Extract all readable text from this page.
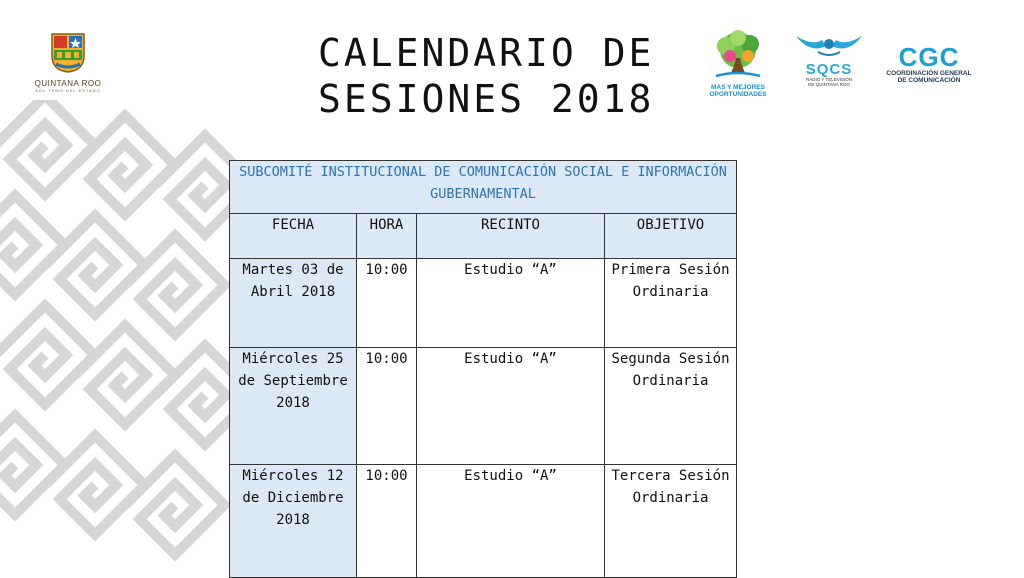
QUINTANA ROO
SOL TEMO DEL ESTADO
CALENDARIO DE
SESIONES 2018	MAS Y MEJORES
OPORTUNIDADES
SQCS
RADIO Y TELEVISIÓN
DE QUINTANA ROO
CGC
COORDINACIÓN GENERAL
DE COMUNICACIÓN
SUBCOMITÉ INSTITUCIONAL DE COMUNICACIÓN SOCIAL E INFORMACIÓN GUBERNAMENTAL			
FECHA	HORA	RECINTO	OBJETIVO
Martes 03 de Abril 2018	10:00	Estudio “A”	Primera Sesión Ordinaria
Miércoles 25 de Septiembre 2018	10:00	Estudio “A”	Segunda Sesión Ordinaria
Miércoles 12 de Diciembre 2018	10:00	Estudio “A”	Tercera Sesión Ordinaria
